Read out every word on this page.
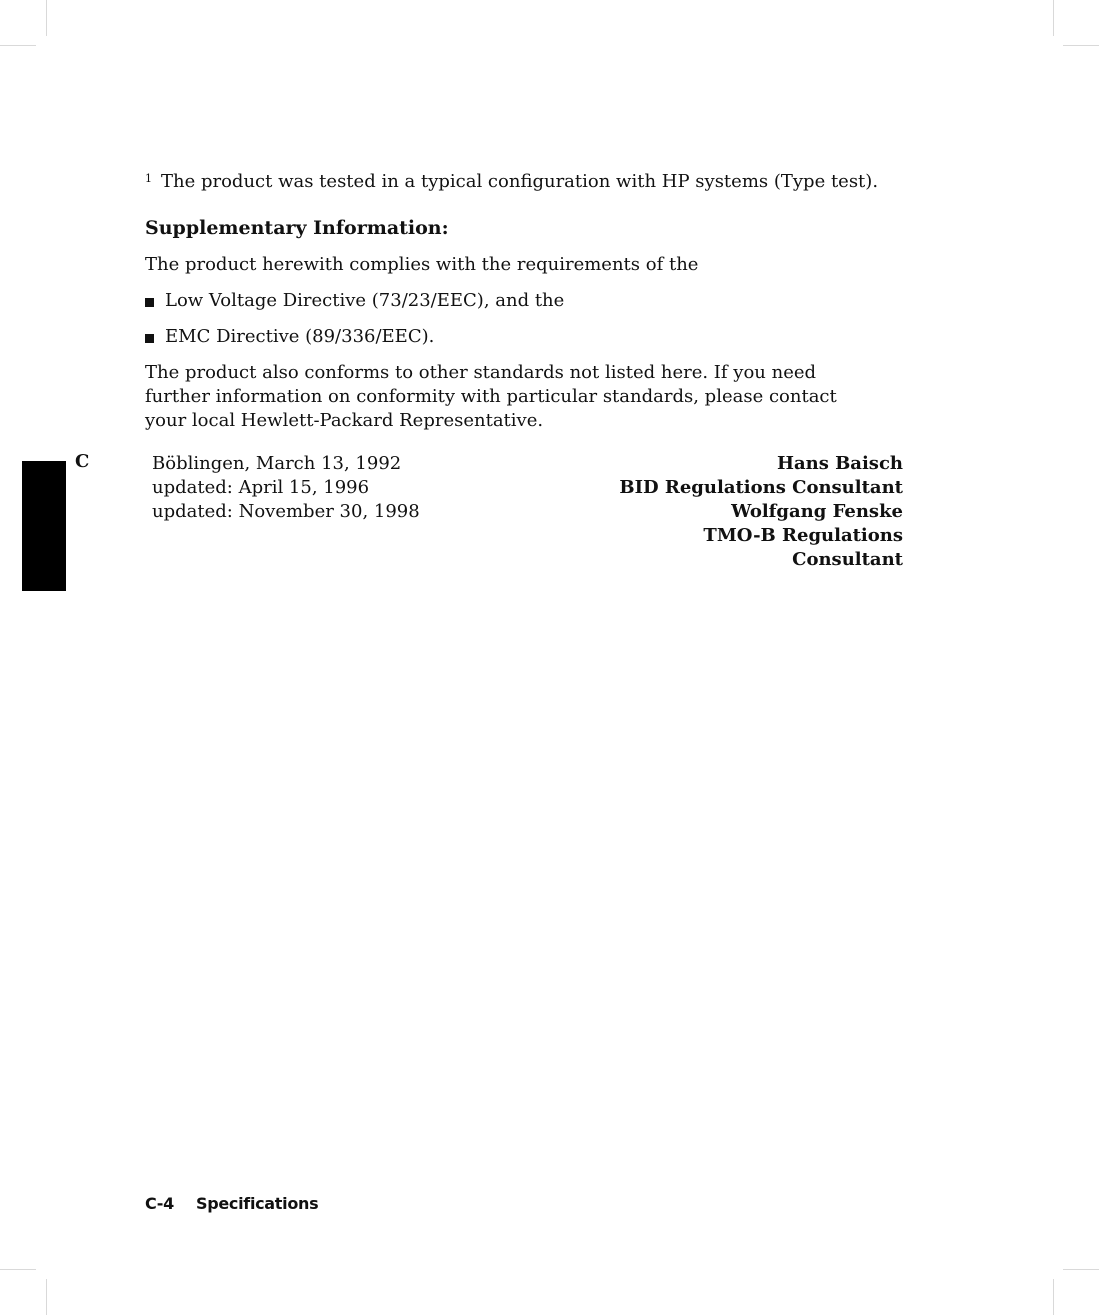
1 The product was tested in a typical configuration with HP systems (Type test).
Supplementary Information:
The product herewith complies with the requirements of the
Low Voltage Directive (73/23/EEC), and the
EMC Directive (89/336/EEC).
The product also conforms to other standards not listed here. If you need
further information on conformity with particular standards, please contact
your local Hewlett-Packard Representative.
C	Böblingen, March 13, 1992
updated: April 15, 1996
updated: November 30, 1998
Hans Baisch
BID Regulations Consultant
Wolfgang Fenske
TMO-B Regulations
Consultant
C-4 Specifications
